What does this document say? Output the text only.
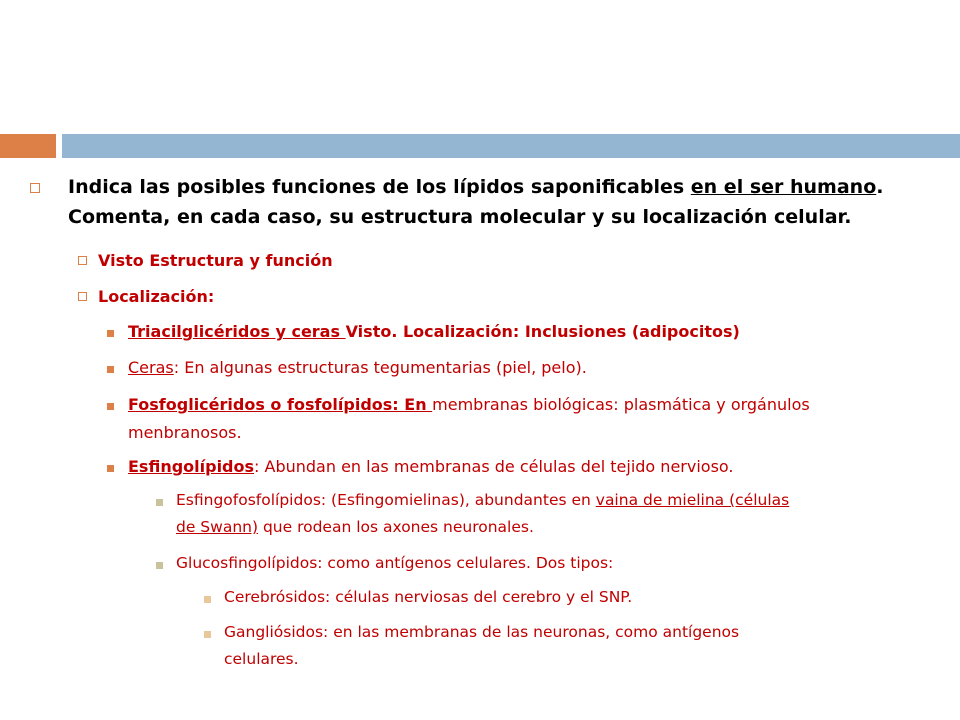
Indica las posibles funciones de los lípidos saponificables en el ser humano.

Comenta, en cada caso, su estructura molecular y su localización celular.

Visto Estructura y función

Localización:

Triacilglicéridos y ceras Visto. Localización: Inclusiones (adipocitos)

Ceras: En algunas estructuras tegumentarias (piel, pelo).

Fosfoglicéridos o fosfolípidos: En membranas biológicas: plasmática y orgánulos

menbranosos.

Esfingolípidos: Abundan en las membranas de células del tejido nervioso.

Esfingofosfolípidos: (Esfingomielinas), abundantes en vaina de mielina (células

de Swann) que rodean los axones neuronales.

Glucosfingolípidos: como antígenos celulares. Dos tipos:

Cerebrósidos: células nerviosas del cerebro y el SNP.

Gangliósidos: en las membranas de las neuronas, como antígenos

celulares.
